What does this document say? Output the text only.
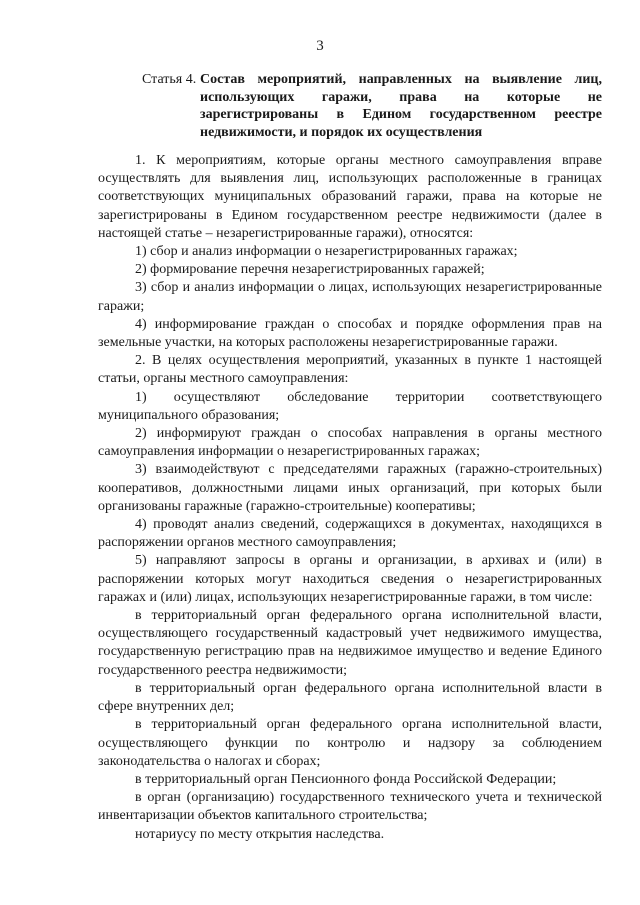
3
Статья 4. Состав мероприятий, направленных на выявление лиц, использующих гаражи, права на которые не зарегистрированы в Едином государственном реестре недвижимости, и порядок их осуществления

1. К мероприятиям, которые органы местного самоуправления вправе осуществлять для выявления лиц, использующих расположенные в границах соответствующих муниципальных образований гаражи, права на которые не зарегистрированы в Едином государственном реестре недвижимости (далее в настоящей статье – незарегистрированные гаражи), относятся:

1) сбор и анализ информации о незарегистрированных гаражах;

2) формирование перечня незарегистрированных гаражей;

3) сбор и анализ информации о лицах, использующих незарегистрированные гаражи;

4) информирование граждан о способах и порядке оформления прав на земельные участки, на которых расположены незарегистрированные гаражи.

2. В целях осуществления мероприятий, указанных в пункте 1 настоящей статьи, органы местного самоуправления:

1) осуществляют обследование территории соответствующего муниципального образования;

2) информируют граждан о способах направления в органы местного самоуправления информации о незарегистрированных гаражах;

3) взаимодействуют с председателями гаражных (гаражно-строительных) кооперативов, должностными лицами иных организаций, при которых были организованы гаражные (гаражно-строительные) кооперативы;

4) проводят анализ сведений, содержащихся в документах, находящихся в распоряжении органов местного самоуправления;

5) направляют запросы в органы и организации, в архивах и (или) в распоряжении которых могут находиться сведения о незарегистрированных гаражах и (или) лицах, использующих незарегистрированные гаражи, в том числе:

в территориальный орган федерального органа исполнительной власти, осуществляющего государственный кадастровый учет недвижимого имущества, государственную регистрацию прав на недвижимое имущество и ведение Единого государственного реестра недвижимости;

в территориальный орган федерального органа исполнительной власти в сфере внутренних дел;

в территориальный орган федерального органа исполнительной власти, осуществляющего функции по контролю и надзору за соблюдением законодательства о налогах и сборах;

в территориальный орган Пенсионного фонда Российской Федерации;

в орган (организацию) государственного технического учета и технической инвентаризации объектов капитального строительства;

нотариусу по месту открытия наследства.
